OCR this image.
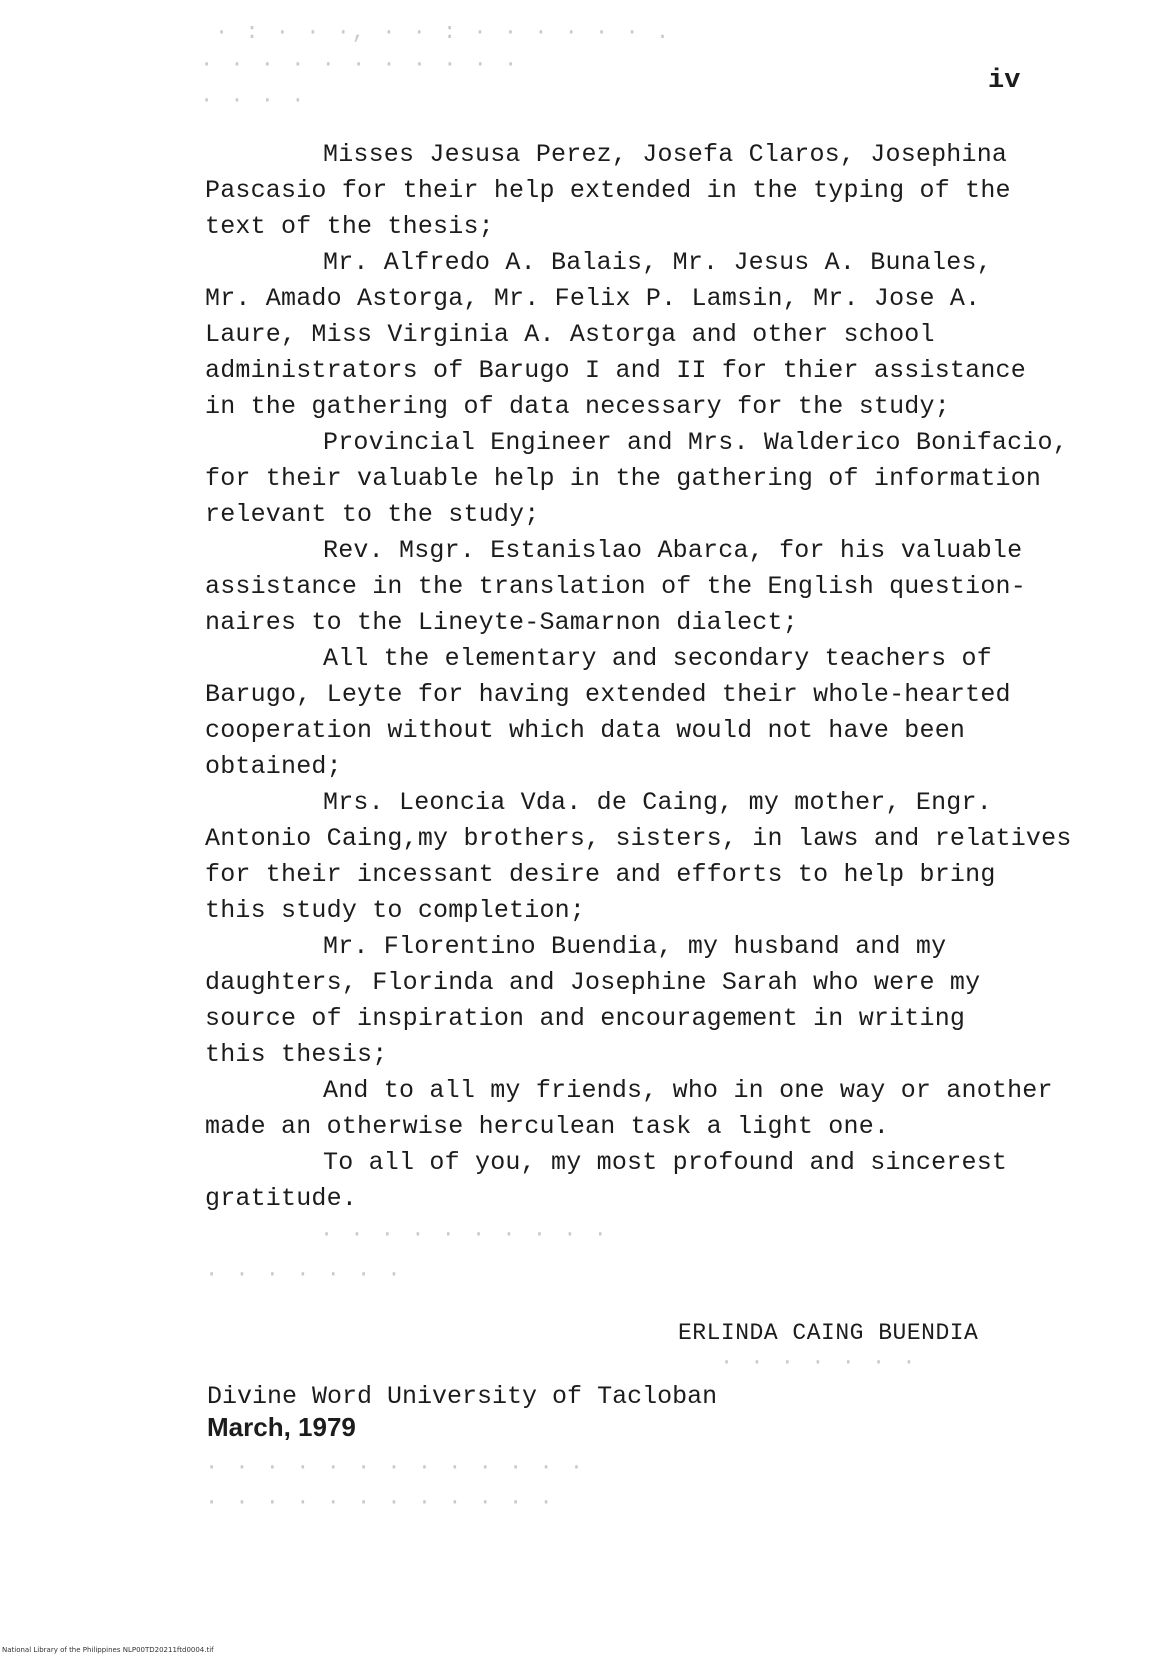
· : · · ·, · · : · · · · · · .
· · · · · · · · · · ·
· · · ·
· · · · · · · · · ·
· · · · · · ·
· · · · · · ·
· · · · · · · · · · · · ·
· · · · · · · · · · · ·
iv
Misses Jesusa Perez, Josefa Claros, Josephina
Pascasio for their help extended in the typing of the
text of the thesis;
Mr. Alfredo A. Balais, Mr. Jesus A. Bunales,
Mr. Amado Astorga, Mr. Felix P. Lamsin, Mr. Jose A.
Laure, Miss Virginia A. Astorga and other school
administrators of Barugo I and II for thier assistance
in the gathering of data necessary for the study;
Provincial Engineer and Mrs. Walderico Bonifacio,
for their valuable help in the gathering of information
relevant to the study;
Rev. Msgr. Estanislao Abarca, for his valuable
assistance in the translation of the English question-
naires to the Lineyte-Samarnon dialect;
All the elementary and secondary teachers of
Barugo, Leyte for having extended their whole-hearted
cooperation without which data would not have been
obtained;
Mrs. Leoncia Vda. de Caing, my mother, Engr.
Antonio Caing,my brothers, sisters, in laws and relatives
for their incessant desire and efforts to help bring
this study to completion;
Mr. Florentino Buendia, my husband and my
daughters, Florinda and Josephine Sarah who were my
source of inspiration and encouragement in writing
this thesis;
And to all my friends, who in one way or another
made an otherwise herculean task a light one.
To all of you, my most profound and sincerest
gratitude.
ERLINDA CAING BUENDIA
Divine Word University of Tacloban
March, 1979
National Library of the Philippines NLP00TD20211ftd0004.tif
